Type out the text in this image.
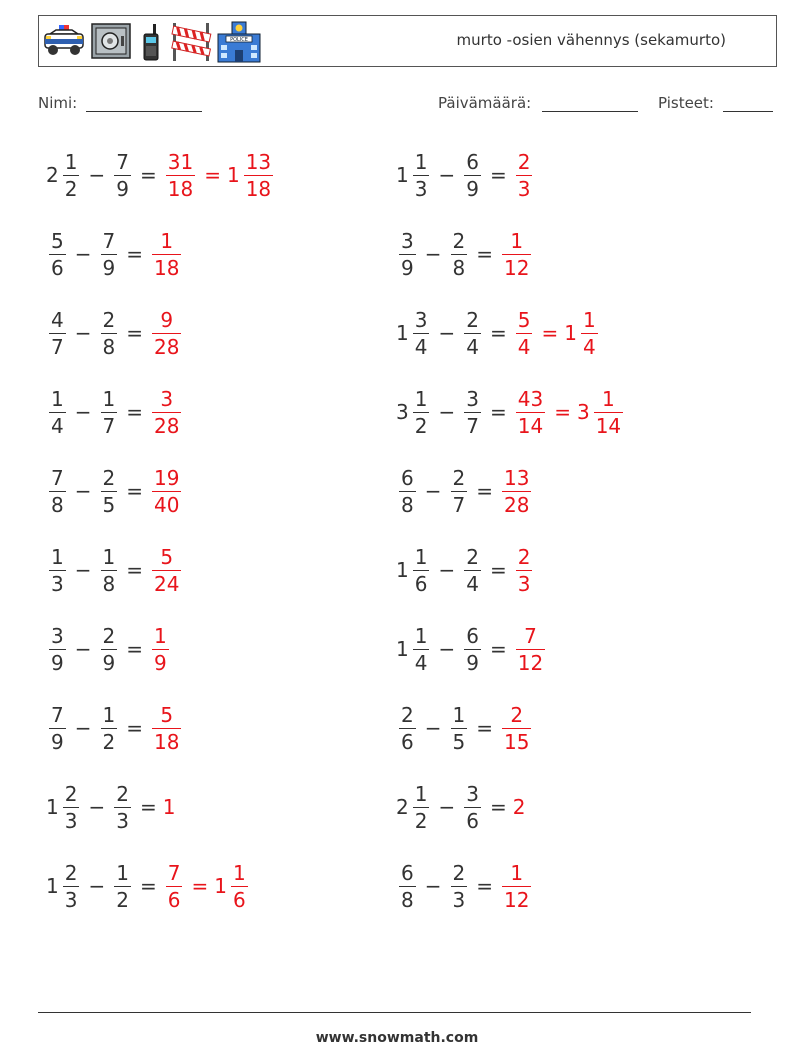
POLICE	murto -osien vähennys (sekamurto)
Nimi:	Päivämäärä:	Pisteet:
$2 \frac{1}{2} - \frac{7}{9} = \frac{31}{18} = 1 \frac{13}{18}$
$\frac{5}{6} - \frac{7}{9} = \frac{1}{18}$
$\frac{4}{7} - \frac{2}{8} = \frac{9}{28}$
$\frac{1}{4} - \frac{1}{7} = \frac{3}{28}$
$\frac{7}{8} - \frac{2}{5} = \frac{19}{40}$
$\frac{1}{3} - \frac{1}{8} = \frac{5}{24}$
$\frac{3}{9} - \frac{2}{9} = \frac{1}{9}$
$\frac{7}{9} - \frac{1}{2} = \frac{5}{18}$
$1 \frac{2}{3} - \frac{2}{3} = 1$
$1 \frac{2}{3} - \frac{1}{2} = \frac{7}{6} = 1 \frac{1}{6}$
$1 \frac{1}{3} - \frac{6}{9} = \frac{2}{3}$
$\frac{3}{9} - \frac{2}{8} = \frac{1}{12}$
$1 \frac{3}{4} - \frac{2}{4} = \frac{5}{4} = 1 \frac{1}{4}$
$3 \frac{1}{2} - \frac{3}{7} = \frac{43}{14} = 3 \frac{1}{14}$
$\frac{6}{8} - \frac{2}{7} = \frac{13}{28}$
$1 \frac{1}{6} - \frac{2}{4} = \frac{2}{3}$
$1 \frac{1}{4} - \frac{6}{9} = \frac{7}{12}$
$\frac{2}{6} - \frac{1}{5} = \frac{2}{15}$
$2 \frac{1}{2} - \frac{3}{6} = 2$
$\frac{6}{8} - \frac{2}{3} = \frac{1}{12}$
www.snowmath.com
